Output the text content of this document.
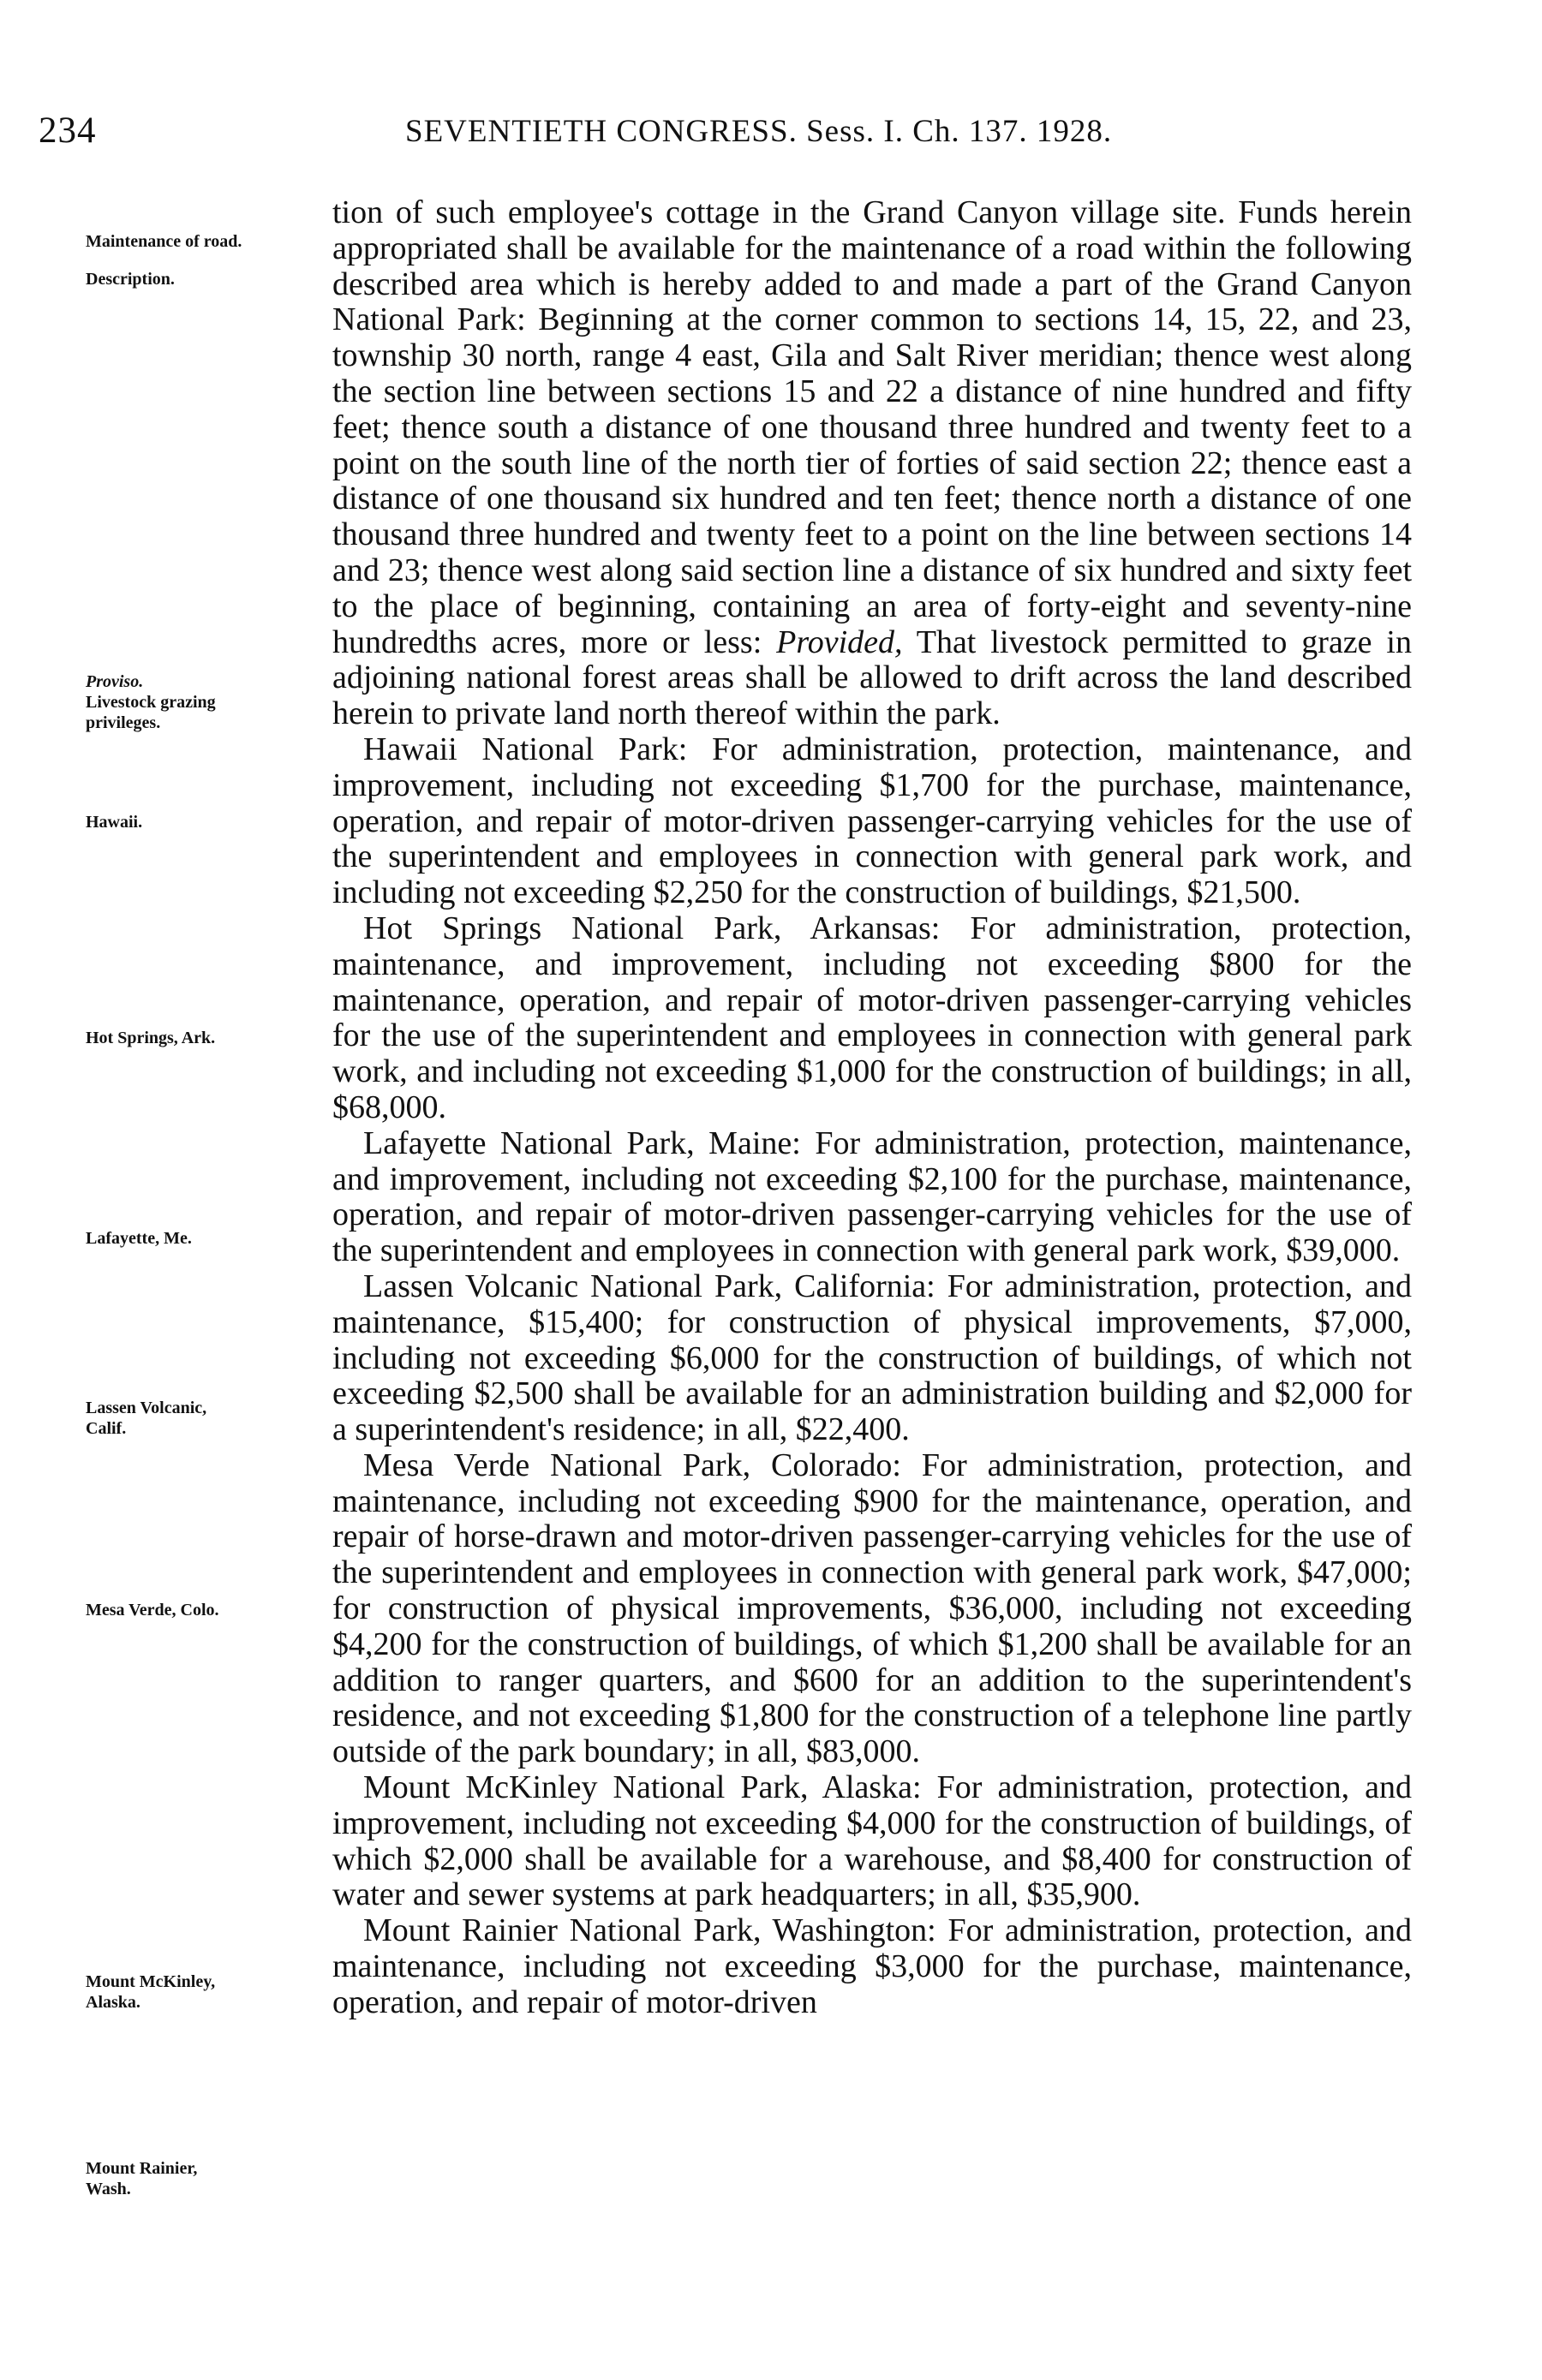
234	SEVENTIETH CONGRESS. Sess. I. Ch. 137. 1928.
Maintenance of road.
Description.
Proviso.
Livestock grazing
privileges.
Hawaii.
Hot Springs, Ark.
Lafayette, Me.
Lassen Volcanic,
Calif.
Mesa Verde, Colo.
Mount McKinley,
Alaska.
Mount Rainier,
Wash.

tion of such employee's cottage in the Grand Canyon village site. Funds herein appropriated shall be available for the maintenance of a road within the following described area which is hereby added to and made a part of the Grand Canyon National Park: Beginning at the corner common to sections 14, 15, 22, and 23, township 30 north, range 4 east, Gila and Salt River meridian; thence west along the section line between sections 15 and 22 a distance of nine hundred and fifty feet; thence south a distance of one thousand three hundred and twenty feet to a point on the south line of the north tier of forties of said section 22; thence east a distance of one thousand six hundred and ten feet; thence north a distance of one thousand three hundred and twenty feet to a point on the line between sections 14 and 23; thence west along said section line a distance of six hundred and sixty feet to the place of beginning, containing an area of forty-eight and seventy-nine hundredths acres, more or less: Provided, That livestock permitted to graze in adjoining national forest areas shall be allowed to drift across the land described herein to private land north thereof within the park.

Hawaii National Park: For administration, protection, maintenance, and improvement, including not exceeding $1,700 for the purchase, maintenance, operation, and repair of motor-driven passenger-carrying vehicles for the use of the superintendent and employees in connection with general park work, and including not exceeding $2,250 for the construction of buildings, $21,500.

Hot Springs National Park, Arkansas: For administration, protection, maintenance, and improvement, including not exceeding $800 for the maintenance, operation, and repair of motor-driven passenger-carrying vehicles for the use of the superintendent and employees in connection with general park work, and including not exceeding $1,000 for the construction of buildings; in all, $68,000.

Lafayette National Park, Maine: For administration, protection, maintenance, and improvement, including not exceeding $2,100 for the purchase, maintenance, operation, and repair of motor-driven passenger-carrying vehicles for the use of the superintendent and employees in connection with general park work, $39,000.

Lassen Volcanic National Park, California: For administration, protection, and maintenance, $15,400; for construction of physical improvements, $7,000, including not exceeding $6,000 for the construction of buildings, of which not exceeding $2,500 shall be available for an administration building and $2,000 for a superintendent's residence; in all, $22,400.

Mesa Verde National Park, Colorado: For administration, protection, and maintenance, including not exceeding $900 for the maintenance, operation, and repair of horse-drawn and motor-driven passenger-carrying vehicles for the use of the superintendent and employees in connection with general park work, $47,000; for construction of physical improvements, $36,000, including not exceeding $4,200 for the construction of buildings, of which $1,200 shall be available for an addition to ranger quarters, and $600 for an addition to the superintendent's residence, and not exceeding $1,800 for the construction of a telephone line partly outside of the park boundary; in all, $83,000.

Mount McKinley National Park, Alaska: For administration, protection, and improvement, including not exceeding $4,000 for the construction of buildings, of which $2,000 shall be available for a warehouse, and $8,400 for construction of water and sewer systems at park headquarters; in all, $35,900.

Mount Rainier National Park, Washington: For administration, protection, and maintenance, including not exceeding $3,000 for the purchase, maintenance, operation, and repair of motor-driven
